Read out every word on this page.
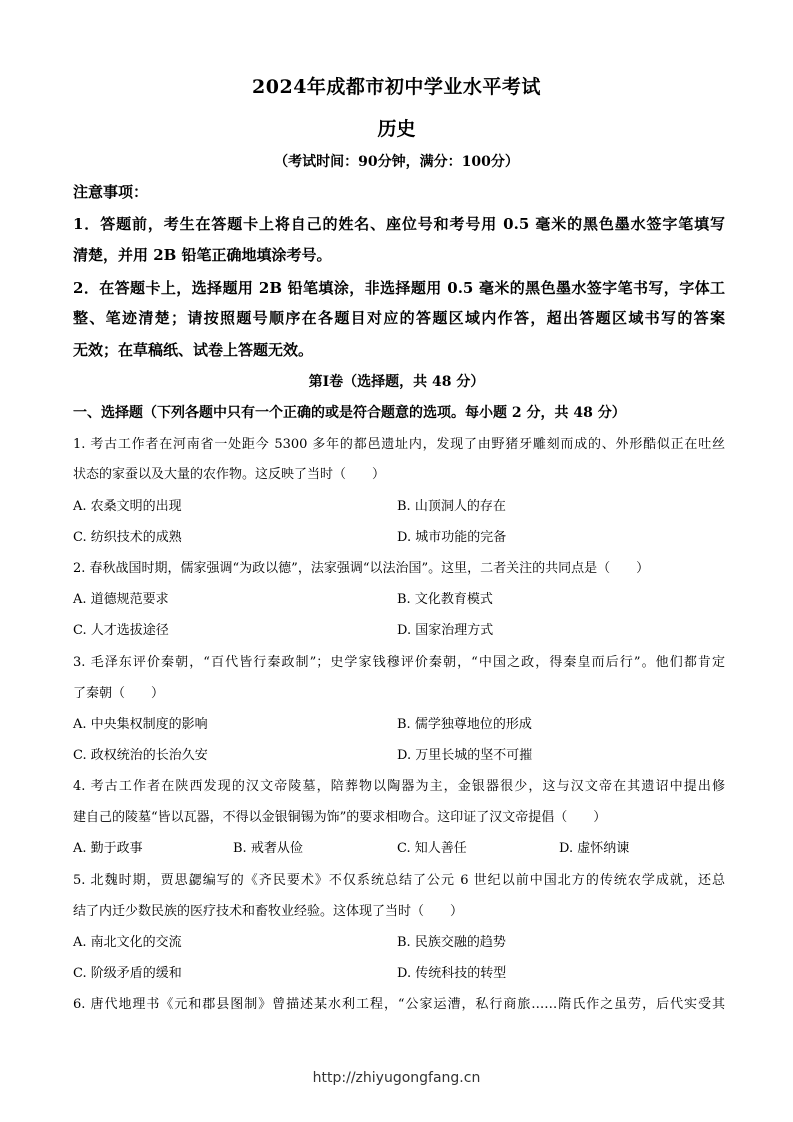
2024年成都市初中学业水平考试
历史
（考试时间：90分钟，满分：100分）
注意事项：
1．答题前，考生在答题卡上将自己的姓名、座位号和考号用 0.5 毫米的黑色墨水签字笔填写
清楚，并用 2B 铅笔正确地填涂考号。
2．在答题卡上，选择题用 2B 铅笔填涂，非选择题用 0.5 毫米的黑色墨水签字笔书写，字体工
整、笔迹清楚；请按照题号顺序在各题目对应的答题区域内作答，超出答题区域书写的答案
无效；在草稿纸、试卷上答题无效。
第Ⅰ卷（选择题，共 48 分）
一、选择题（下列各题中只有一个正确的或是符合题意的选项。每小题 2 分，共 48 分）
1. 考古工作者在河南省一处距今 5300 多年的都邑遗址内，发现了由野猪牙雕刻而成的、外形酷似正在吐丝
状态的家蚕以及大量的农作物。这反映了当时（　　）
A. 农桑文明的出现	B. 山顶洞人的存在
C. 纺织技术的成熟	D. 城市功能的完备
2. 春秋战国时期，儒家强调“为政以德”，法家强调“以法治国”。这里，二者关注的共同点是（　　）
A. 道德规范要求	B. 文化教育模式
C. 人才选拔途径	D. 国家治理方式
3. 毛泽东评价秦朝，“百代皆行秦政制”；史学家钱穆评价秦朝，“中国之政，得秦皇而后行”。他们都肯定
了秦朝（　　）
A. 中央集权制度的影响	B. 儒学独尊地位的形成
C. 政权统治的长治久安	D. 万里长城的坚不可摧
4. 考古工作者在陕西发现的汉文帝陵墓，陪葬物以陶器为主，金银器很少，这与汉文帝在其遗诏中提出修
建自己的陵墓“皆以瓦器，不得以金银铜锡为饰”的要求相吻合。这印证了汉文帝提倡（　　）
A. 勤于政事	B. 戒奢从俭	C. 知人善任	D. 虚怀纳谏
5. 北魏时期，贾思勰编写的《齐民要术》不仅系统总结了公元 6 世纪以前中国北方的传统农学成就，还总
结了内迁少数民族的医疗技术和畜牧业经验。这体现了当时（　　）
A. 南北文化的交流	B. 民族交融的趋势
C. 阶级矛盾的缓和	D. 传统科技的转型
6. 唐代地理书《元和郡县图制》曾描述某水利工程，“公家运漕，私行商旅……隋氏作之虽劳，后代实受其
http://zhiyugongfang.cn
